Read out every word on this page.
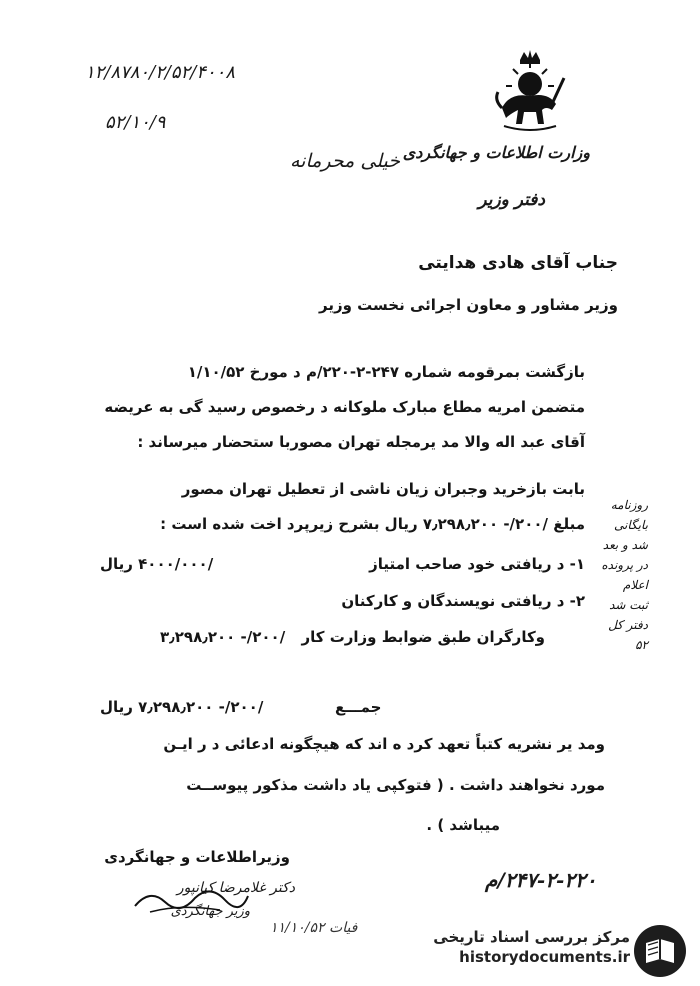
۱۲/۸۷۸۰/۲/۵۲/۴۰۰۸
۵۲/۱۰/۹
وزارت اطلاعات و جهانگردی
دفتر وزیر
خیلی محرمانه
جناب آقای هادی هدایتی
وزیر مشاور و معاون اجرائی نخست وزیر
بازگشت بمرقومه شماره ۲۴۷-۲-۲۲۰/م د مورخ ۱/۱۰/۵۲
متضمن امریه مطاع مبارک ملوکانه د رخصوص رسید گی به عریضه
آقای عبد اله والا مد یرمجله تهران مصوربا ستحضار میرساند :
بابت بازخرید وجبران زیان ناشی از تعطیل تهران مصور
مبلغ /۲۰۰/- ۷٫۲۹۸٫۲۰۰ ریال بشرح زیرپرد اخت شده است :
۱- د ریافتی خود صاحب امتیاز
/۴۰۰۰/۰۰۰ ریال
۲- د ریافتی نویسندگان و کارکنان
وکارگران طبق ضوابط وزارت کار
/۲۰۰/- ۳٫۲۹۸٫۲۰۰
روزنامه بایگانی
شد و بعد
در پرونده
اعلام
ثبت شد
دفتر کل
۵۲
جمـــع
/۲۰۰/- ۷٫۲۹۸٫۲۰۰ ریال
ومد یر نشریه کتباً تعهد کرد ه اند که هیچگونه ادعائی د ر ایـن
مورد نخواهند داشت . ( فتوکپی یاد داشت مذکور پیوســت
میباشد ) .
وزیراطلاعات و جهانگردی
دکتر غلامرضا کیانپور
وزیر جهانگردی
۲۴۷-۲-۲۲۰/م
فیات ۱۱/۱۰/۵۲	مرکز بررسی اسناد تاریخی
historydocuments.ir
